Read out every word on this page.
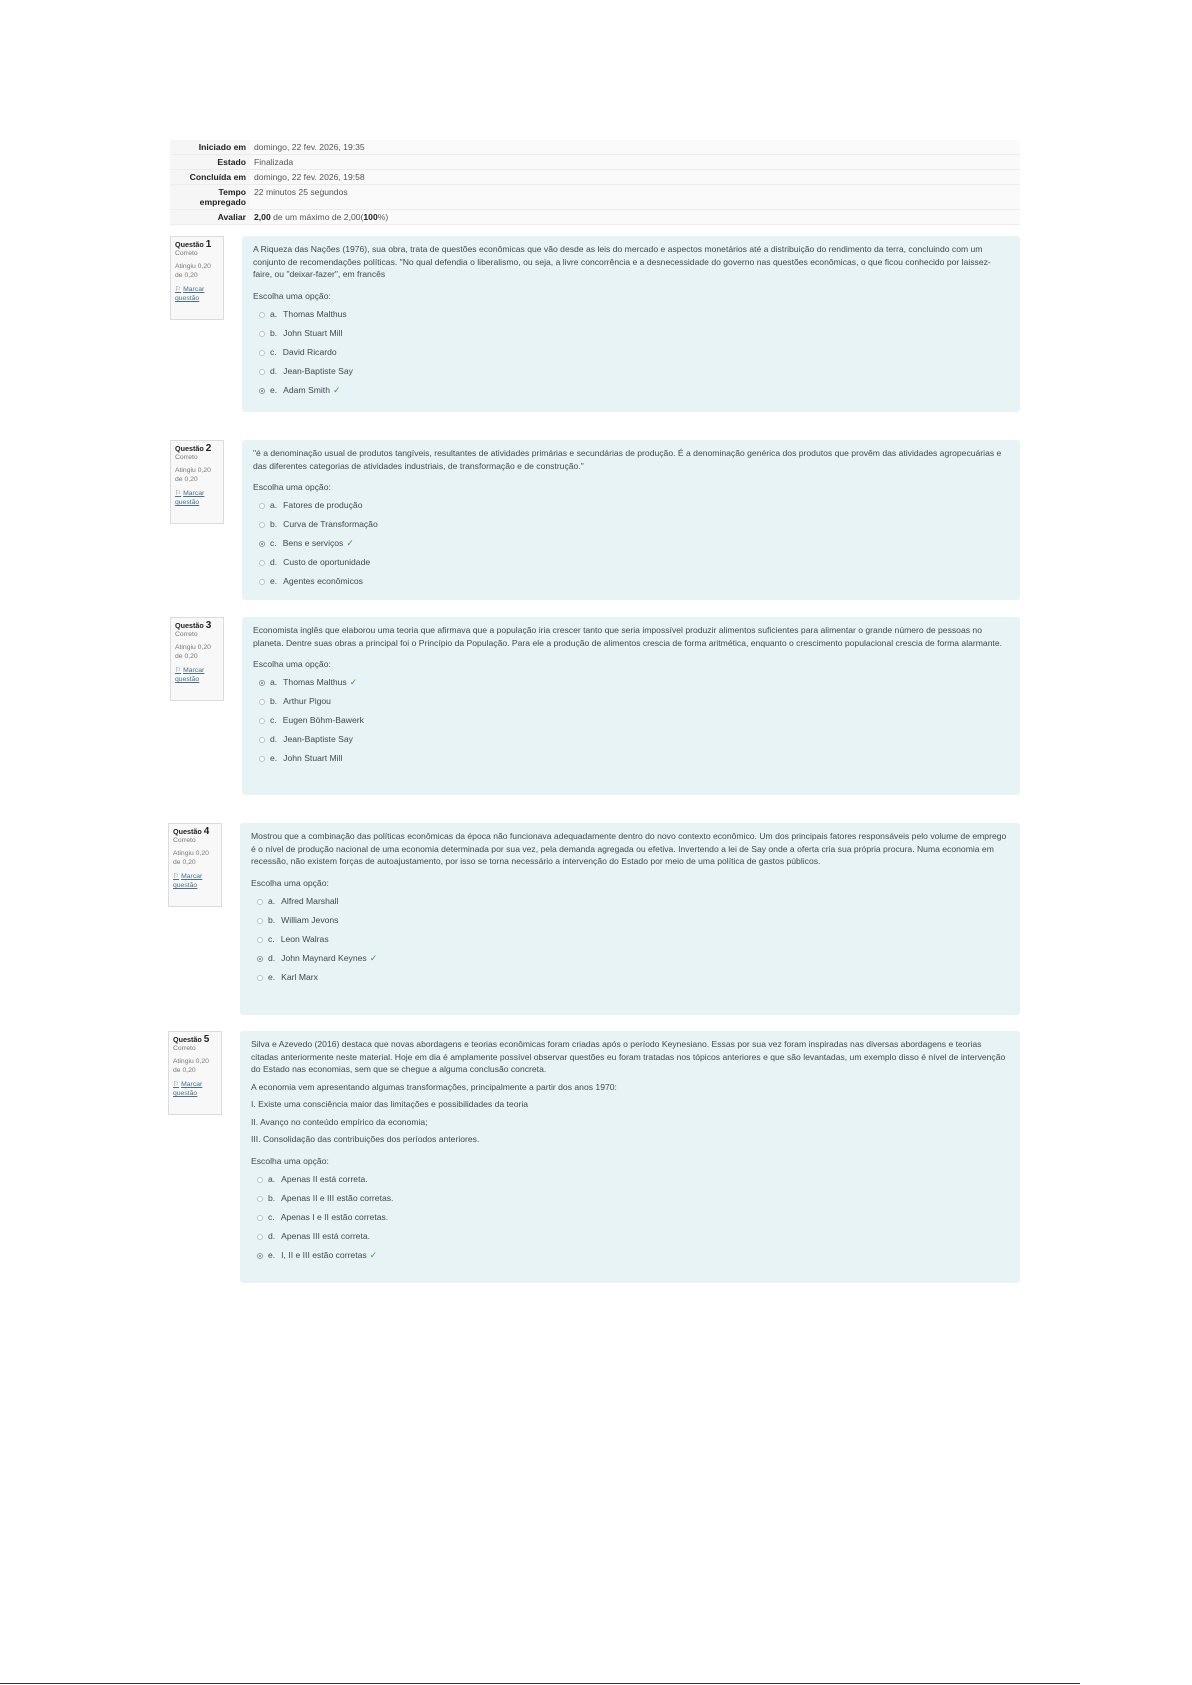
Iniciado em	domingo, 22 fev. 2026, 19:35
Estado	Finalizada
Concluída em	domingo, 22 fev. 2026, 19:58
Tempo empregado	22 minutos 25 segundos
Avaliar	2,00 de um máximo de 2,00(100%)
Questão 1
Correto
Atingiu 0,20 de 0,20
⚐ Marcar questão

A Riqueza das Nações (1976), sua obra, trata de questões econômicas que vão desde as leis do mercado e aspectos monetários até a distribuição do rendimento da terra, concluindo com um conjunto de recomendações políticas. "No qual defendia o liberalismo, ou seja, a livre concorrência e a desnecessidade do governo nas questões econômicas, o que ficou conhecido por laissez-faire, ou "deixar-fazer", em francês

Escolha uma opção:
a. Thomas Malthus
b. John Stuart Mill
c. David Ricardo
d. Jean-Baptiste Say
e. Adam Smith ✓
Questão 2
Correto
Atingiu 0,20 de 0,20
⚐ Marcar questão

"é a denominação usual de produtos tangíveis, resultantes de atividades primárias e secundárias de produção. É a denominação genérica dos produtos que provêm das atividades agropecuárias e das diferentes categorias de atividades industriais, de transformação e de construção."

Escolha uma opção:
a. Fatores de produção
b. Curva de Transformação
c. Bens e serviços ✓
d. Custo de oportunidade
e. Agentes econômicos
Questão 3
Correto
Atingiu 0,20 de 0,20
⚐ Marcar questão

Economista inglês que elaborou uma teoria que afirmava que a população iria crescer tanto que seria impossível produzir alimentos suficientes para alimentar o grande número de pessoas no planeta. Dentre suas obras a principal foi o Princípio da População. Para ele a produção de alimentos crescia de forma aritmética, enquanto o crescimento populacional crescia de forma alarmante.

Escolha uma opção:
a. Thomas Malthus ✓
b. Arthur Pigou
c. Eugen Böhm-Bawerk
d. Jean-Baptiste Say
e. John Stuart Mill
Questão 4
Correto
Atingiu 0,20 de 0,20
⚐ Marcar questão

Mostrou que a combinação das políticas econômicas da época não funcionava adequadamente dentro do novo contexto econômico. Um dos principais fatores responsáveis pelo volume de emprego é o nível de produção nacional de uma economia determinada por sua vez, pela demanda agregada ou efetiva. Invertendo a lei de Say onde a oferta cria sua própria procura. Numa economia em recessão, não existem forças de autoajustamento, por isso se torna necessário a intervenção do Estado por meio de uma política de gastos públicos.

Escolha uma opção:
a. Alfred Marshall
b. William Jevons
c. Leon Walras
d. John Maynard Keynes ✓
e. Karl Marx
Questão 5
Correto
Atingiu 0,20 de 0,20
⚐ Marcar questão

Silva e Azevedo (2016) destaca que novas abordagens e teorias econômicas foram criadas após o período Keynesiano. Essas por sua vez foram inspiradas nas diversas abordagens e teorias citadas anteriormente neste material. Hoje em dia é amplamente possível observar questões eu foram tratadas nos tópicos anteriores e que são levantadas, um exemplo disso é nível de intervenção do Estado nas economias, sem que se chegue a alguma conclusão concreta.

A economia vem apresentando algumas transformações, principalmente a partir dos anos 1970:

I. Existe uma consciência maior das limitações e possibilidades da teoria

II. Avanço no conteúdo empírico da economia;

III. Consolidação das contribuições dos períodos anteriores.

Escolha uma opção:
a. Apenas II está correta.
b. Apenas II e III estão corretas.
c. Apenas I e II estão corretas.
d. Apenas III está correta.
e. I, II e III estão corretas ✓
